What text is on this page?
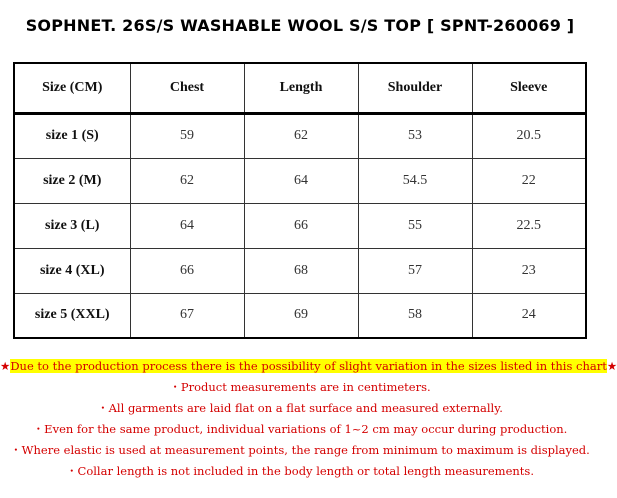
SOPHNET. 26S/S WASHABLE WOOL S/S TOP [ SPNT-260069 ]
Size (CM)	Chest	Length	Shoulder	Sleeve
size 1 (S)	59	62	53	20.5
size 2 (M)	62	64	54.5	22
size 3 (L)	64	66	55	22.5
size 4 (XL)	66	68	57	23
size 5 (XXL)	67	69	58	24
★Due to the production process there is the possibility of slight variation in the sizes listed in this chart★
・Product measurements are in centimeters.
・All garments are laid flat on a flat surface and measured externally.
・Even for the same product, individual variations of 1~2 cm may occur during production.
・Where elastic is used at measurement points, the range from minimum to maximum is displayed.
・Collar length is not included in the body length or total length measurements.
